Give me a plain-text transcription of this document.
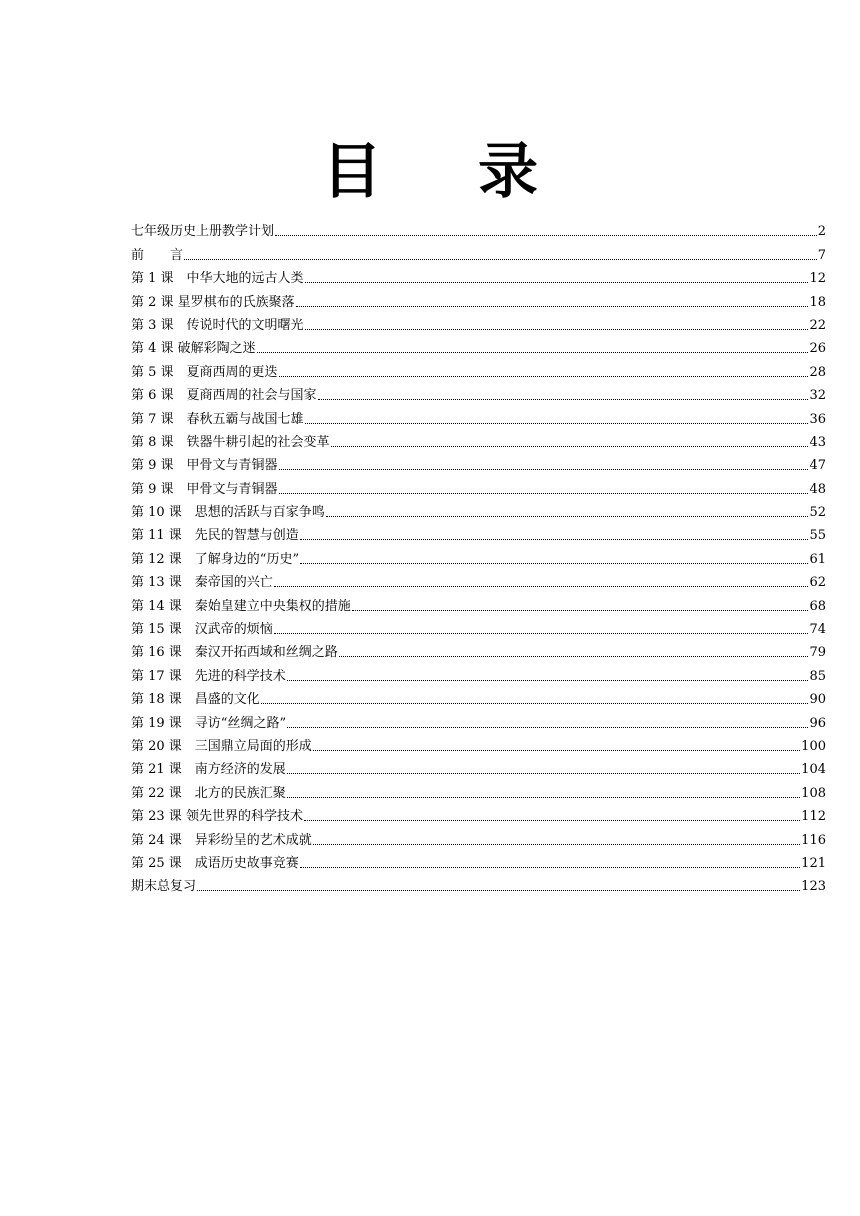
目 录
七年级历史上册教学计划	2
前　　言	7
第 1 课　中华大地的远古人类	12
第 2 课 星罗棋布的氏族聚落	18
第 3 课　传说时代的文明曙光	22
第 4 课 破解彩陶之迷	26
第 5 课　夏商西周的更迭	28
第 6 课　夏商西周的社会与国家	32
第 7 课　春秋五霸与战国七雄	36
第 8 课　铁器牛耕引起的社会变革	43
第 9 课　甲骨文与青铜器	47
第 9 课　甲骨文与青铜器	48
第 10 课　思想的活跃与百家争鸣	52
第 11 课　先民的智慧与创造	55
第 12 课　了解身边的“历史”	61
第 13 课　秦帝国的兴亡	62
第 14 课　秦始皇建立中央集权的措施	68
第 15 课　汉武帝的烦恼	74
第 16 课　秦汉开拓西域和丝绸之路	79
第 17 课　先进的科学技术	85
第 18 课　昌盛的文化	90
第 19 课　寻访“丝绸之路”	96
第 20 课　三国鼎立局面的形成	100
第 21 课　南方经济的发展	104
第 22 课　北方的民族汇聚	108
第 23 课 领先世界的科学技术	112
第 24 课　异彩纷呈的艺术成就	116
第 25 课　成语历史故事竞赛	121
期末总复习	123
